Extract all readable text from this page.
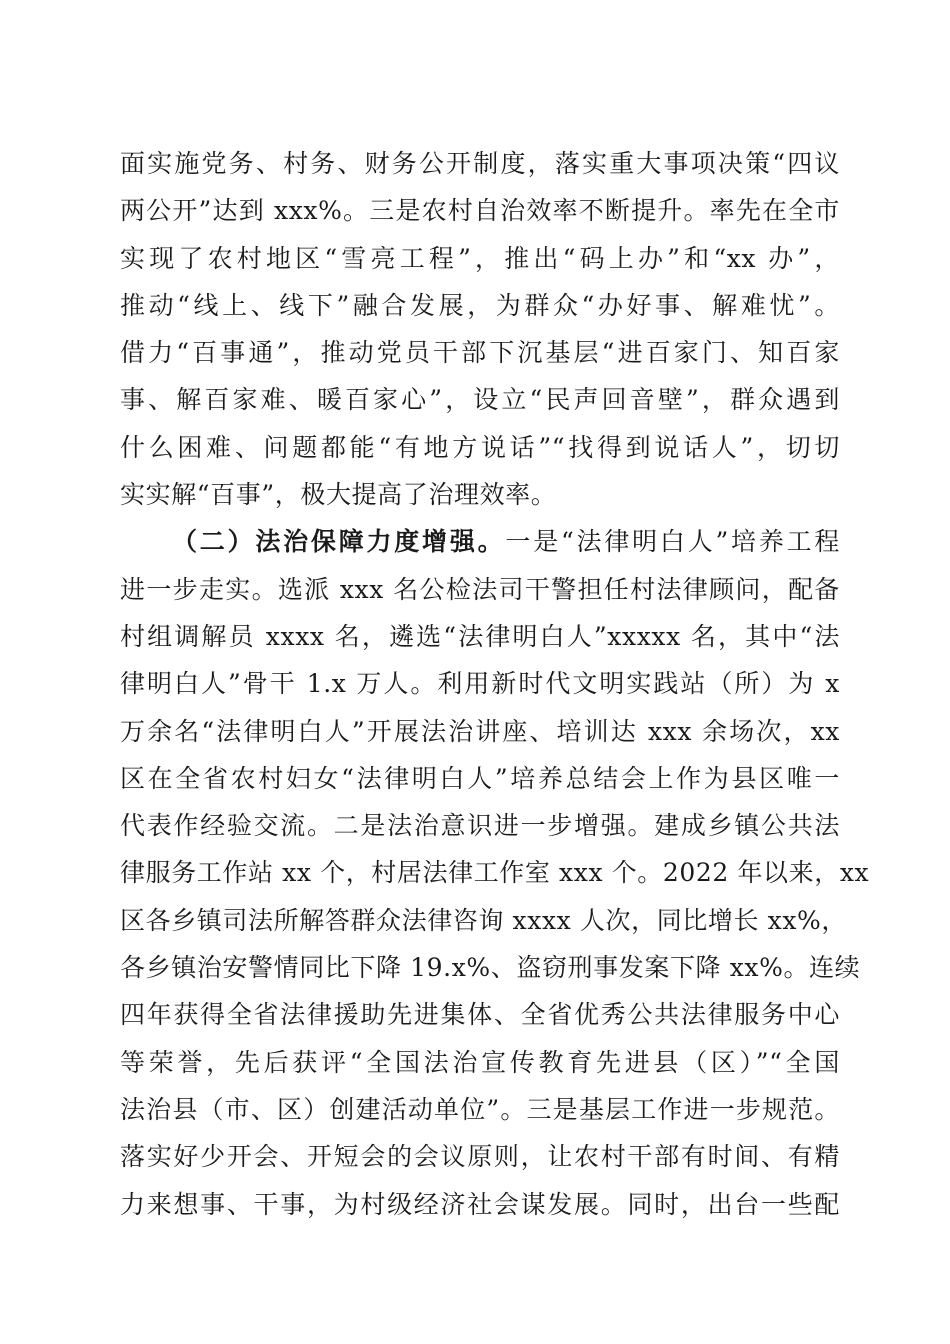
面实施党务、村务、财务公开制度，落实重大事项决策“四议
两公开”达到 xxx%。三是农村自治效率不断提升。率先在全市
实现了农村地区“雪亮工程”，推出“码上办”和“xx 办”，
推动“线上、线下”融合发展，为群众“办好事、解难忧”。
借力“百事通”，推动党员干部下沉基层“进百家门、知百家
事、解百家难、暖百家心”，设立“民声回音壁”，群众遇到
什么困难、问题都能“有地方说话”“找得到说话人”，切切
实实解“百事”，极大提高了治理效率。
（二）法治保障力度增强。一是“法律明白人”培养工程
进一步走实。选派 xxx 名公检法司干警担任村法律顾问，配备
村组调解员 xxxx 名，遴选“法律明白人”xxxxx 名，其中“法
律明白人”骨干 1.x 万人。利用新时代文明实践站（所）为 x
万余名“法律明白人”开展法治讲座、培训达 xxx 余场次，xx
区在全省农村妇女“法律明白人”培养总结会上作为县区唯一
代表作经验交流。二是法治意识进一步增强。建成乡镇公共法
律服务工作站 xx 个，村居法律工作室 xxx 个。2022 年以来，xx
区各乡镇司法所解答群众法律咨询 xxxx 人次，同比增长 xx%，
各乡镇治安警情同比下降 19.x%、盗窃刑事发案下降 xx%。连续
四年获得全省法律援助先进集体、全省优秀公共法律服务中心
等荣誉，先后获评“全国法治宣传教育先进县（区）”“全国
法治县（市、区）创建活动单位”。三是基层工作进一步规范。
落实好少开会、开短会的会议原则，让农村干部有时间、有精
力来想事、干事，为村级经济社会谋发展。同时，出台一些配
